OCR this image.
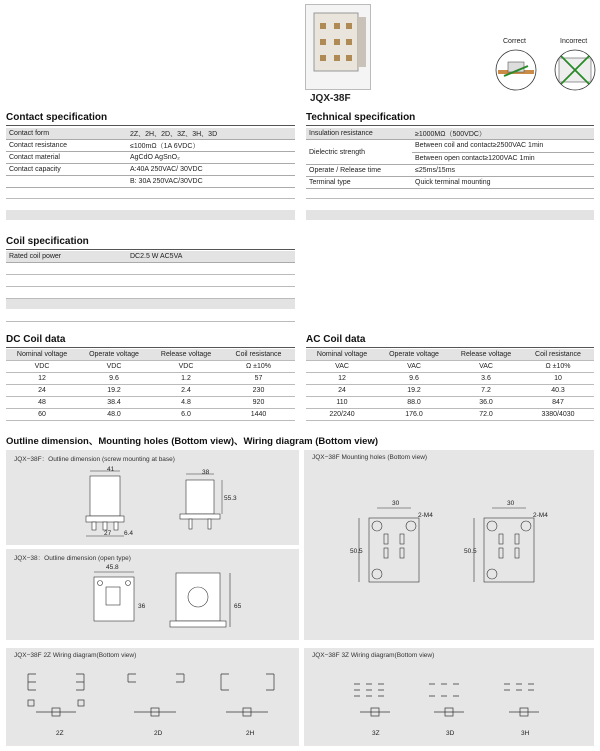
JQX-38F
Correct	Incorrect
Contact specification
Contact form	2Z、2H、2D、3Z、3H、3D
Contact resistance	≤100mΩ（1A 6VDC）
Contact material	AgCdO AgSnO₂
Contact capacity	A:40A 250VAC/ 30VDC
	B: 30A 250VAC/30VDC
Technical specification
Insulation resistance	≥1000MΩ（500VDC）
Dielectric strength	Between coil and contact≥2500VAC 1min
	Between open contact≥1200VAC 1min
Operate / Release time	≤25ms/15ms
Terminal type	Quick terminal mounting
Coil specification
Rated coil power	DC2.5 W AC5VA
DC Coil data
Nominal voltage	Operate voltage	Release voltage	Coil resistance
VDC	VDC	VDC	Ω ±10%
12	9.6	1.2	57
24	19.2	2.4	230
48	38.4	4.8	920
60	48.0	6.0	1440
AC Coil data
Nominal voltage	Operate voltage	Release voltage	Coil resistance
VAC	VAC	VAC	Ω ±10%
12	9.6	3.6	10
24	19.2	7.2	40.3
110	88.0	36.0	847
220/240	176.0	72.0	3380/4030
Outline dimension、Mounting holes (Bottom view)、Wiring diagram (Bottom view)
JQX−38F：Outline dimension (screw mounting at base)
41
27 6.4
38
55.3
JQX−38F Mounting holes (Bottom view)
30
2-M4
50.5
30
2-M4
50.5
JQX−38：Outline dimension (open type)
45.8
36	65
JQX−38F 2Z Wiring diagram(Bottom view)
2Z	2D	2H
JQX−38F 3Z Wiring diagram(Bottom view)
3Z	3D	3H
